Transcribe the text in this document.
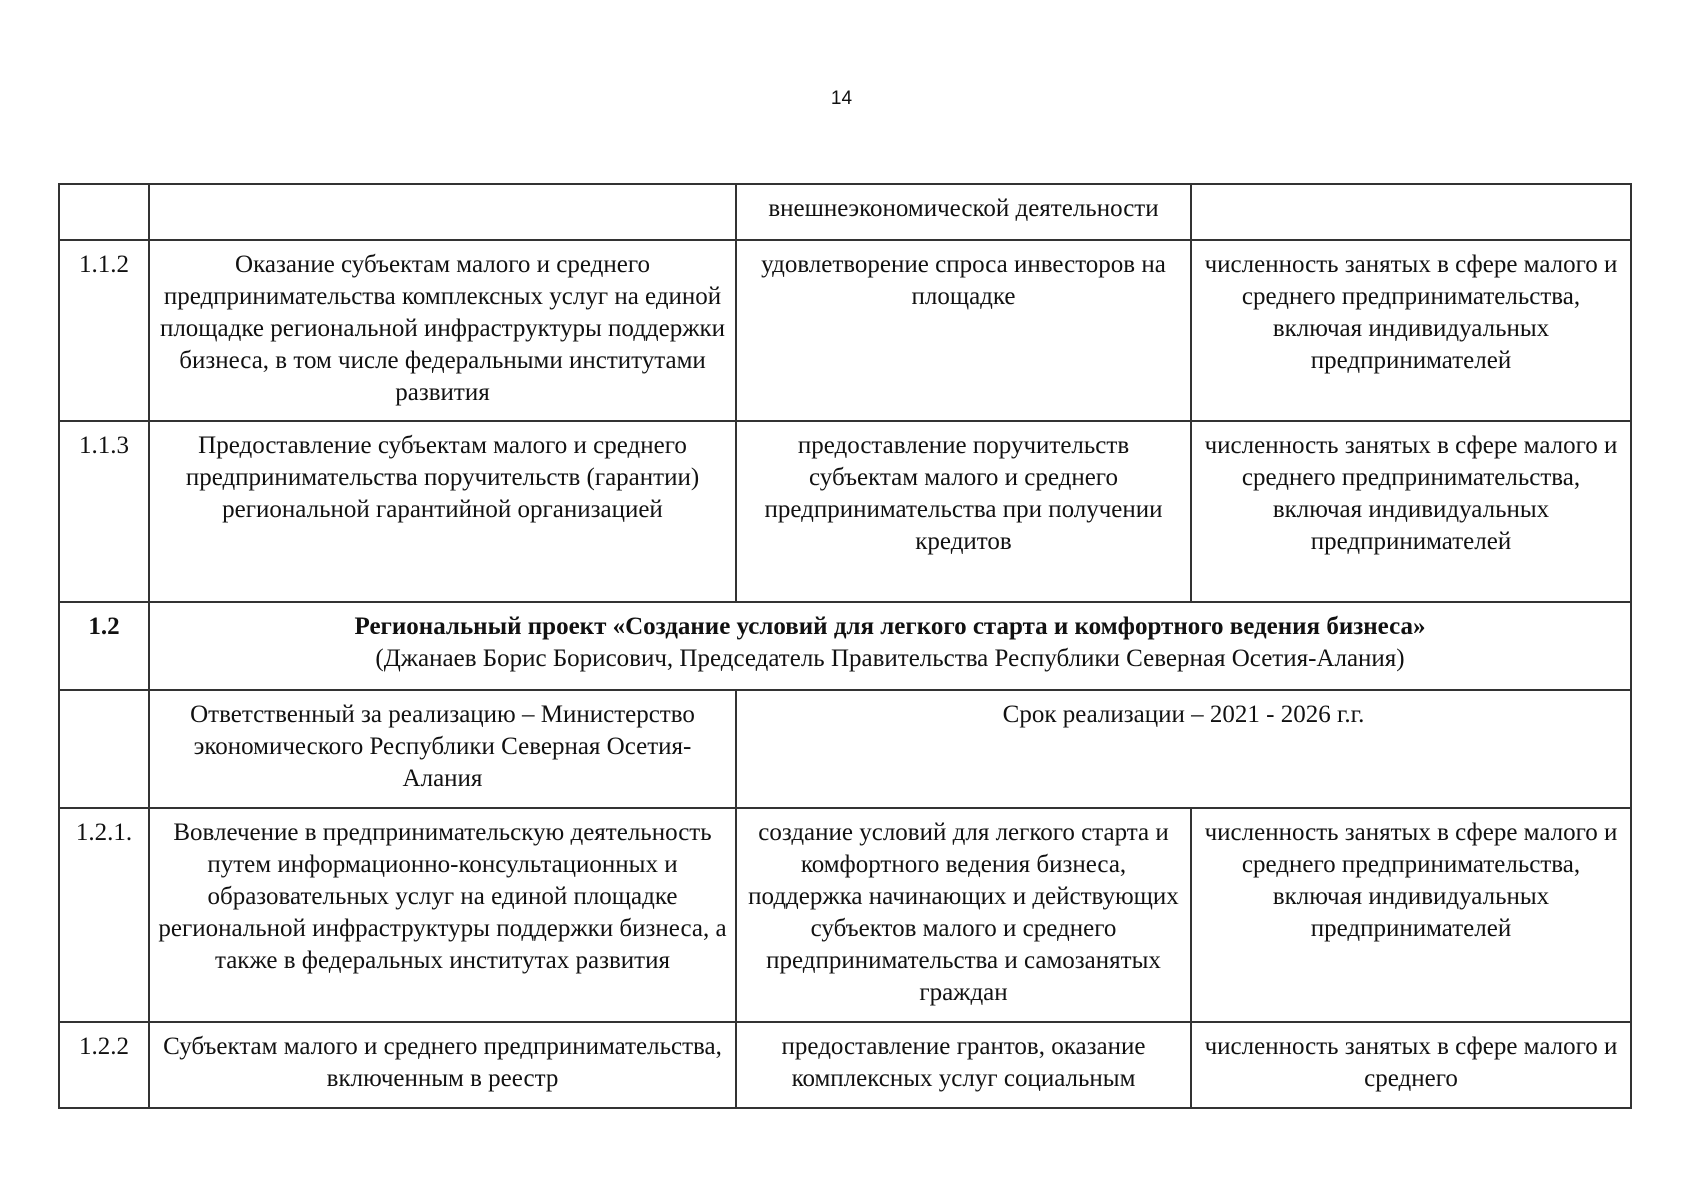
14
		внешнеэкономической деятельности	
1.1.2	Оказание субъектам малого и среднего предпринимательства комплексных услуг на единой площадке региональной инфраструктуры поддержки бизнеса, в том числе федеральными институтами развития	удовлетворение спроса инвесторов на площадке	численность занятых в сфере малого и среднего предпринимательства, включая индивидуальных предпринимателей
1.1.3	Предоставление субъектам малого и среднего предпринимательства поручительств (гарантии) региональной гарантийной организацией	предоставление поручительств субъектам малого и среднего предпринимательства при получении кредитов	численность занятых в сфере малого и среднего предпринимательства, включая индивидуальных предпринимателей
1.2	Региональный проект «Создание условий для легкого старта и комфортного ведения бизнеса»
(Джанаев Борис Борисович, Председатель Правительства Республики Северная Осетия-Алания)		

	Ответственный за реализацию – Министерство экономического Республики Северная Осетия-Алания	Срок реализации – 2021 - 2026 г.г.	
1.2.1.	Вовлечение в предпринимательскую деятельность путем информационно-консультационных и образовательных услуг на единой площадке региональной инфраструктуры поддержки бизнеса, а также в федеральных институтах развития	создание условий для легкого старта и комфортного ведения бизнеса, поддержка начинающих и действующих субъектов малого и среднего предпринимательства и самозанятых граждан	численность занятых в сфере малого и среднего предпринимательства, включая индивидуальных предпринимателей
1.2.2	Субъектам малого и среднего предпринимательства, включенным в реестр	предоставление грантов, оказание комплексных услуг социальным	численность занятых в сфере малого и среднего
